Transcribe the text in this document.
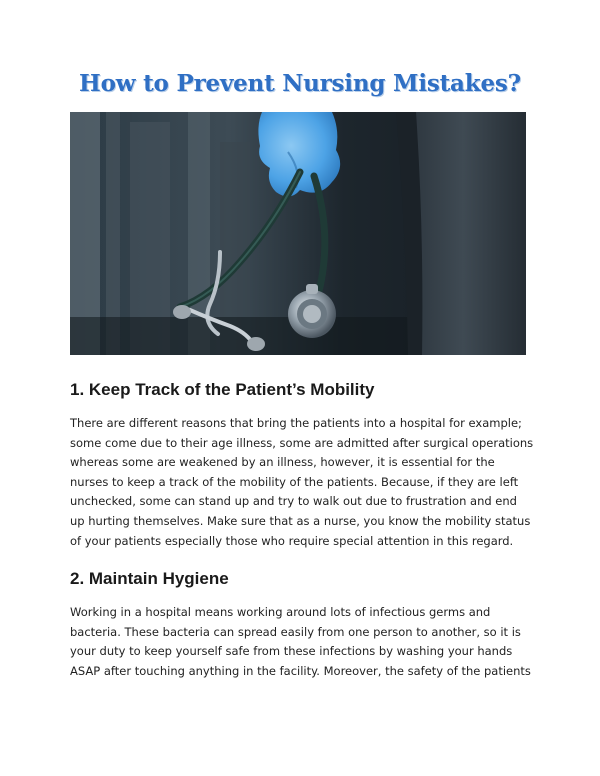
How to Prevent Nursing Mistakes?
1. Keep Track of the Patient’s Mobility
There are different reasons that bring the patients into a hospital for example;
some come due to their age illness, some are admitted after surgical operations
whereas some are weakened by an illness, however, it is essential for the
nurses to keep a track of the mobility of the patients. Because, if they are left
unchecked, some can stand up and try to walk out due to frustration and end
up hurting themselves. Make sure that as a nurse, you know the mobility status
of your patients especially those who require special attention in this regard.
2. Maintain Hygiene
Working in a hospital means working around lots of infectious germs and
bacteria. These bacteria can spread easily from one person to another, so it is
your duty to keep yourself safe from these infections by washing your hands
ASAP after touching anything in the facility. Moreover, the safety of the patients
